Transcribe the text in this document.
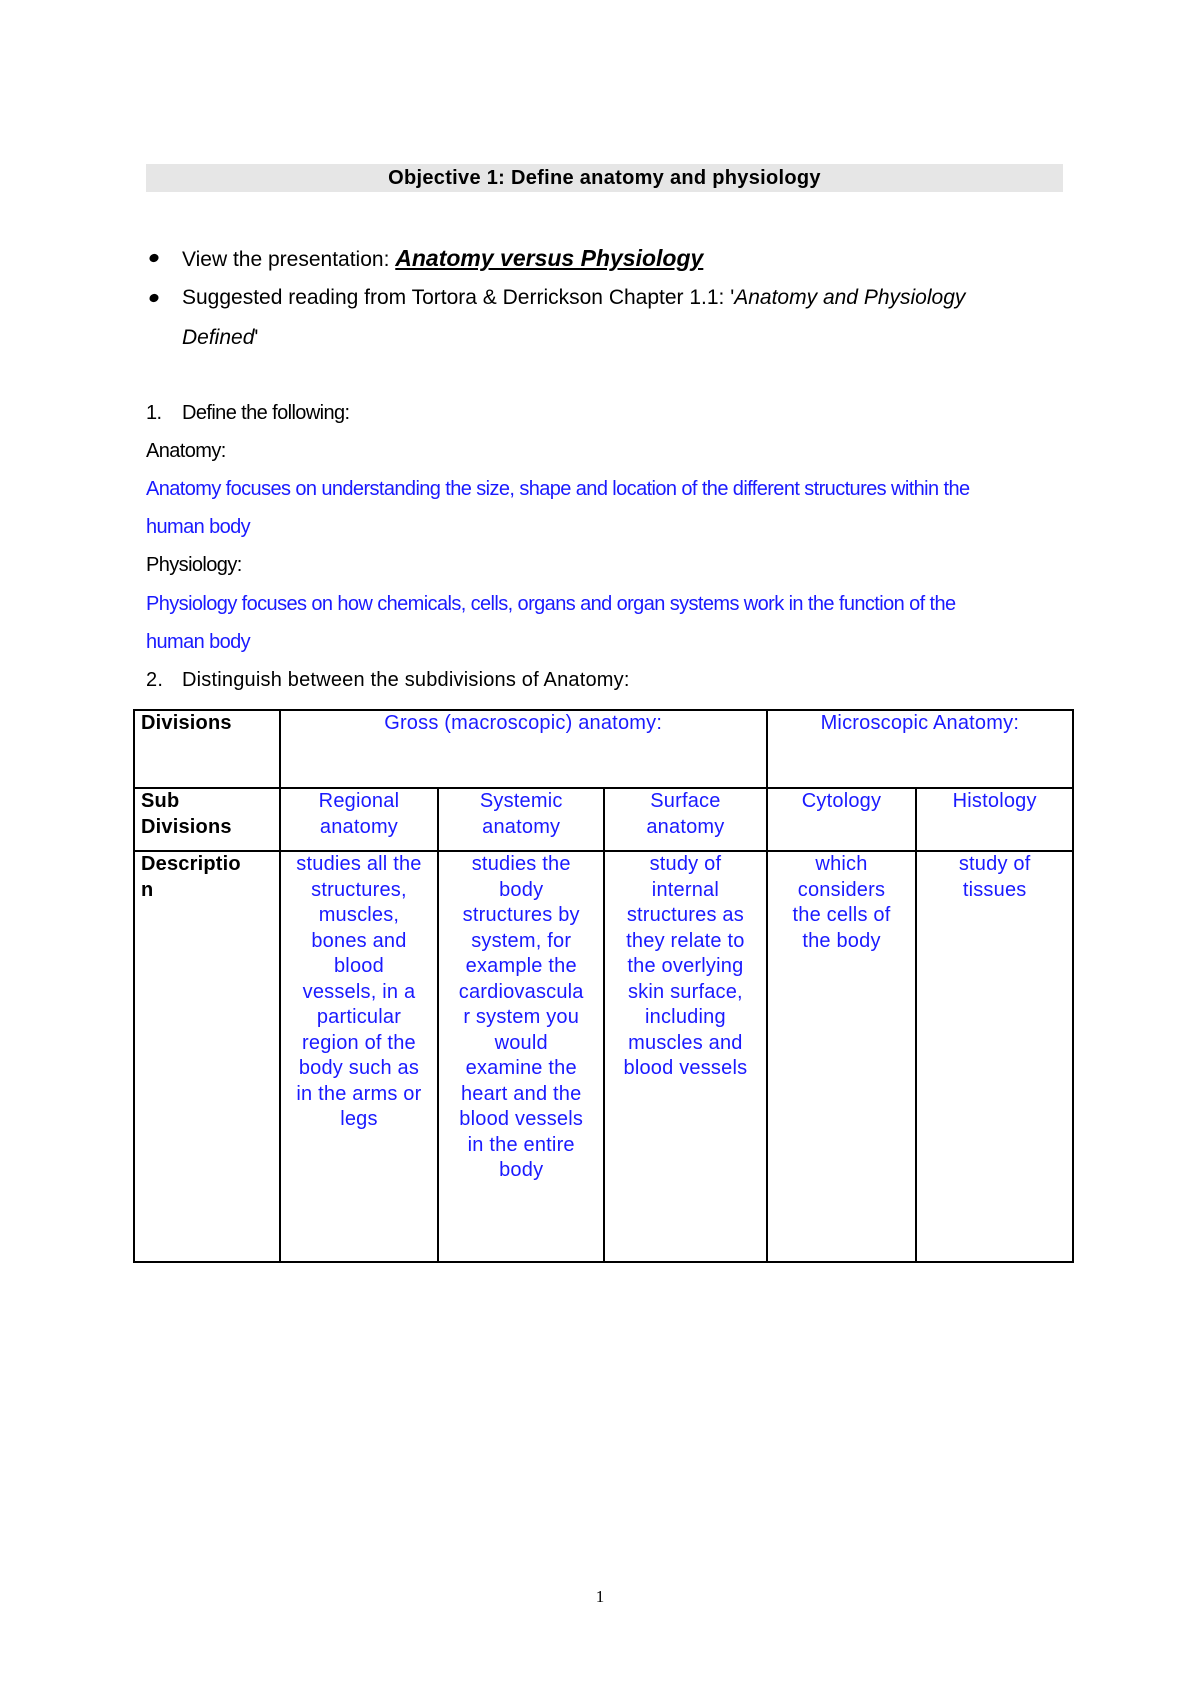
Objective 1: Define anatomy and physiology
View the presentation: Anatomy versus Physiology
Suggested reading from Tortora & Derrickson Chapter 1.1: 'Anatomy and Physiology
Defined'
1. Define the following:
Anatomy:
Anatomy focuses on understanding the size, shape and location of the different structures within the
human body
Physiology:
Physiology focuses on how chemicals, cells, organs and organ systems work in the function of the
human body
2. Distinguish between the subdivisions of Anatomy:
Divisions	Gross (macroscopic) anatomy:			Microscopic Anatomy:	

Sub
Divisions	Regional anatomy	Systemic anatomy	Surface anatomy	Cytology	Histology

Descriptio
n	studies all the structures, muscles, bones and blood vessels, in a particular region of the body such as in the arms or legs	studies the body structures by system, for example the cardiovascula r system you would examine the heart and the blood vessels in the entire body	study of internal structures as they relate to the overlying skin surface, including muscles and blood vessels	which considers the cells of the body	study of tissues
1
